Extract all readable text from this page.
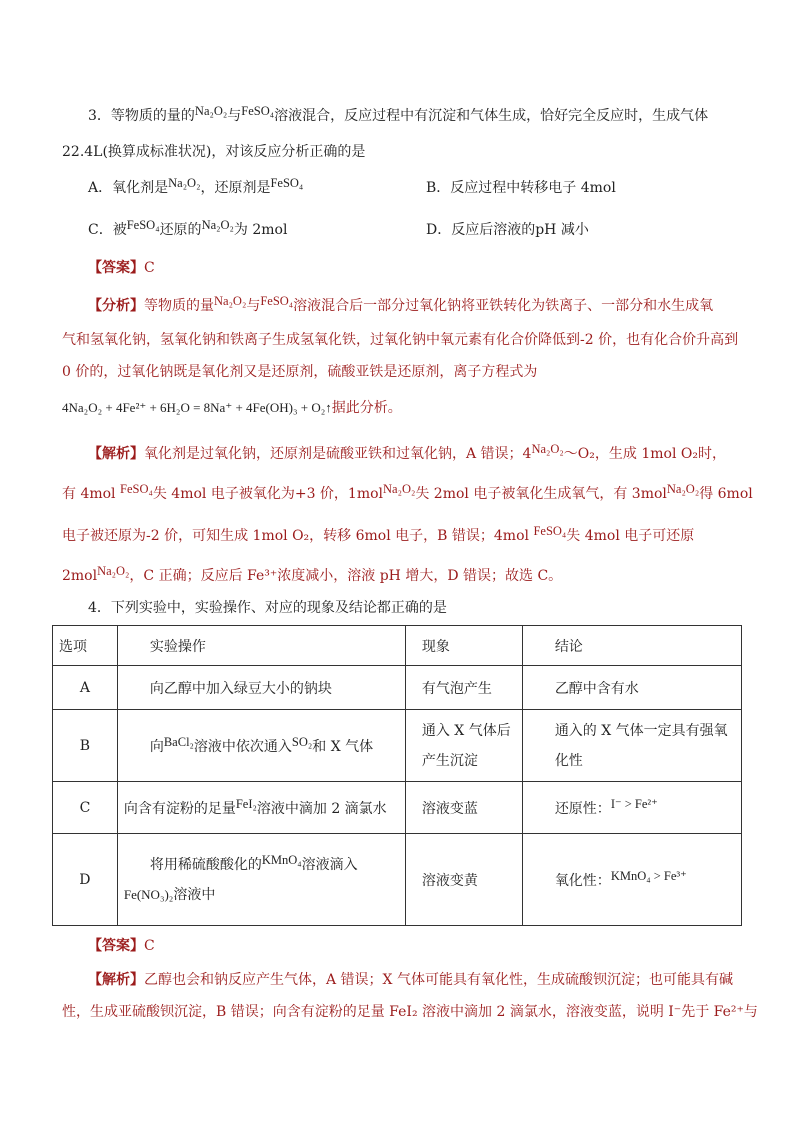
3．等物质的量的Na₂O₂与FeSO₄溶液混合，反应过程中有沉淀和气体生成，恰好完全反应时，生成气体
22.4L(换算成标准状况)，对该反应分析正确的是
A．氧化剂是Na₂O₂，还原剂是FeSO₄	B．反应过程中转移电子 4mol
C．被FeSO₄还原的Na₂O₂为 2mol	D．反应后溶液的pH 减小
【答案】C
【分析】等物质的量Na₂O₂与FeSO₄溶液混合后一部分过氧化钠将亚铁转化为铁离子、一部分和水生成氧
气和氢氧化钠，氢氧化钠和铁离子生成氢氧化铁，过氧化钠中氧元素有化合价降低到-2 价，也有化合价升高到
0 价的，过氧化钠既是氧化剂又是还原剂，硫酸亚铁是还原剂，离子方程式为
4Na₂O₂ + 4Fe²⁺ + 6H₂O = 8Na⁺ + 4Fe(OH)₃ + O₂↑据此分析。
【解析】氧化剂是过氧化钠，还原剂是硫酸亚铁和过氧化钠，A 错误；4Na₂O₂～O₂，生成 1mol O₂时，
有 4mol FeSO₄失 4mol 电子被氧化为+3 价，1molNa₂O₂失 2mol 电子被氧化生成氧气，有 3molNa₂O₂得 6mol
电子被还原为-2 价，可知生成 1mol O₂，转移 6mol 电子，B 错误；4mol FeSO₄失 4mol 电子可还原
2molNa₂O₂，C 正确；反应后 Fe³⁺浓度减小，溶液 pH 增大，D 错误；故选 C。
4．下列实验中，实验操作、对应的现象及结论都正确的是
选项	实验操作	现象	结论
A	向乙醇中加入绿豆大小的钠块	有气泡产生	乙醇中含有水
B	向BaCl₂溶液中依次通入SO₂和 X 气体	通入 X 气体后产生沉淀	通入的 X 气体一定具有强氧化性
C	向含有淀粉的足量FeI₂溶液中滴加 2 滴氯水	溶液变蓝	还原性：I⁻ > Fe²⁺
D	将用稀硫酸酸化的KMnO₄溶液滴入
Fe(NO₃)₂溶液中	溶液变黄	氧化性：KMnO₄ > Fe³⁺
【答案】C
【解析】乙醇也会和钠反应产生气体，A 错误；X 气体可能具有氧化性，生成硫酸钡沉淀；也可能具有碱
性，生成亚硫酸钡沉淀，B 错误；向含有淀粉的足量 FeI₂ 溶液中滴加 2 滴氯水，溶液变蓝，说明 I⁻先于 Fe²⁺与
